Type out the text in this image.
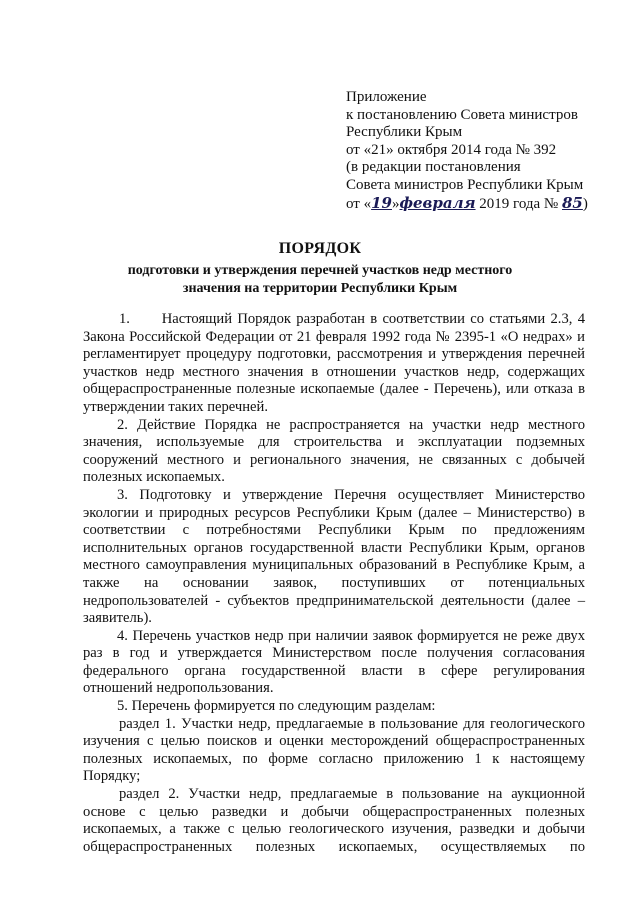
Приложение
к постановлению Совета министров
Республики Крым
от «21» октября 2014 года № 392
(в редакции постановления
Совета министров Республики Крым
от «19»февраля 2019 года № 85)
ПОРЯДОК
подготовки и утверждения перечней участков недр местного значения на территории Республики Крым

1.      Настоящий Порядок разработан в соответствии со статьями 2.3, 4 Закона Российской Федерации от 21 февраля 1992 года № 2395-1 «О недрах» и регламентирует процедуру подготовки, рассмотрения и утверждения перечней участков недр местного значения в отношении участков недр, содержащих общераспространенные полезные ископаемые (далее - Перечень), или отказа в утверждении таких перечней.

2. Действие Порядка не распространяется на участки недр местного значения, используемые для строительства и эксплуатации подземных сооружений местного и регионального значения, не связанных с добычей полезных ископаемых.

3. Подготовку и утверждение Перечня осуществляет Министерство экологии и природных ресурсов Республики Крым (далее – Министерство) в соответствии с потребностями Республики Крым по предложениям исполнительных органов государственной власти Республики Крым, органов местного самоуправления муниципальных образований в Республике Крым, а также на основании заявок, поступивших от потенциальных недропользователей - субъектов предпринимательской деятельности (далее – заявитель).

4. Перечень участков недр при наличии заявок формируется не реже двух раз в год и утверждается Министерством после получения согласования федерального органа государственной власти в сфере регулирования отношений недропользования.

5. Перечень формируется по следующим разделам:

раздел 1. Участки недр, предлагаемые в пользование для геологического изучения с целью поисков и оценки месторождений общераспространенных полезных ископаемых, по форме согласно приложению 1 к настоящему Порядку;

раздел 2. Участки недр, предлагаемые в пользование на аукционной основе с целью разведки и добычи общераспространенных полезных ископаемых, а также с целью геологического изучения, разведки и добычи общераспространенных полезных ископаемых, осуществляемых по
